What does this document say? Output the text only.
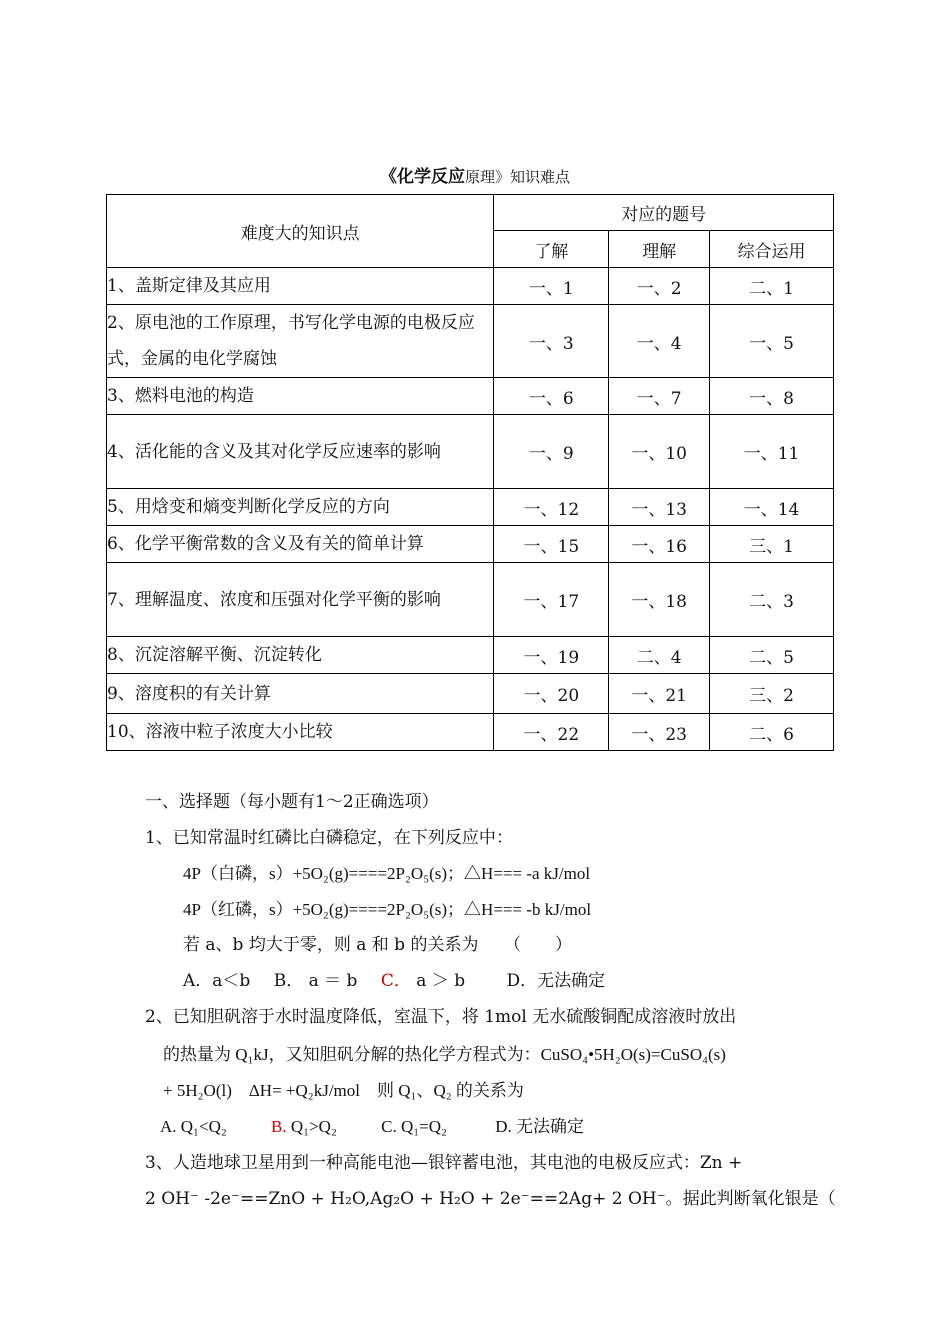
《化学反应原理》知识难点
难度大的知识点	对应的题号		
	了解	理解	综合运用
1、盖斯定律及其应用	一、1	一、2	二、1
2、原电池的工作原理，书写化学电源的电极反应式，金属的电化学腐蚀	一、3	一、4	一、5
3、燃料电池的构造	一、6	一、7	一、8
4、活化能的含义及其对化学反应速率的影响	一、9	一、10	一、11
5、用焓变和熵变判断化学反应的方向	一、12	一、13	一、14
6、化学平衡常数的含义及有关的简单计算	一、15	一、16	三、1
7、理解温度、浓度和压强对化学平衡的影响	一、17	一、18	二、3
8、沉淀溶解平衡、沉淀转化	一、19	二、4	二、5
9、溶度积的有关计算	一、20	一、21	三、2
10、溶液中粒子浓度大小比较	一、22	一、23	二、6
一、选择题（每小题有1～2正确选项）
1、已知常温时红磷比白磷稳定，在下列反应中：
4P（白磷，s）+5O₂(g)====2P₂O₅(s)；△H=== -a kJ/mol
4P（红磷，s）+5O₂(g)====2P₂O₅(s)；△H=== -b kJ/mol
若 a、b 均大于零，则 a 和 b 的关系为　　（　　）
A．a＜b B． a ＝ b C． a ＞ b D．无法确定
2、已知胆矾溶于水时温度降低，室温下，将 1mol 无水硫酸铜配成溶液时放出
的热量为 Q₁kJ，又知胆矾分解的热化学方程式为：CuSO₄•5H₂O(s)=CuSO₄(s)
+ 5H₂O(l)　ΔH= +Q₂kJ/mol　则 Q₁、Q₂ 的关系为
A. Q₁<Q₂	B. Q₁>Q₂	C. Q₁=Q₂	D. 无法确定
3、人造地球卫星用到一种高能电池—银锌蓄电池，其电池的电极反应式：Zn +
2 OH⁻ -2e⁻==ZnO + H₂O,Ag₂O + H₂O + 2e⁻==2Ag+ 2 OH⁻。据此判断氧化银是（
